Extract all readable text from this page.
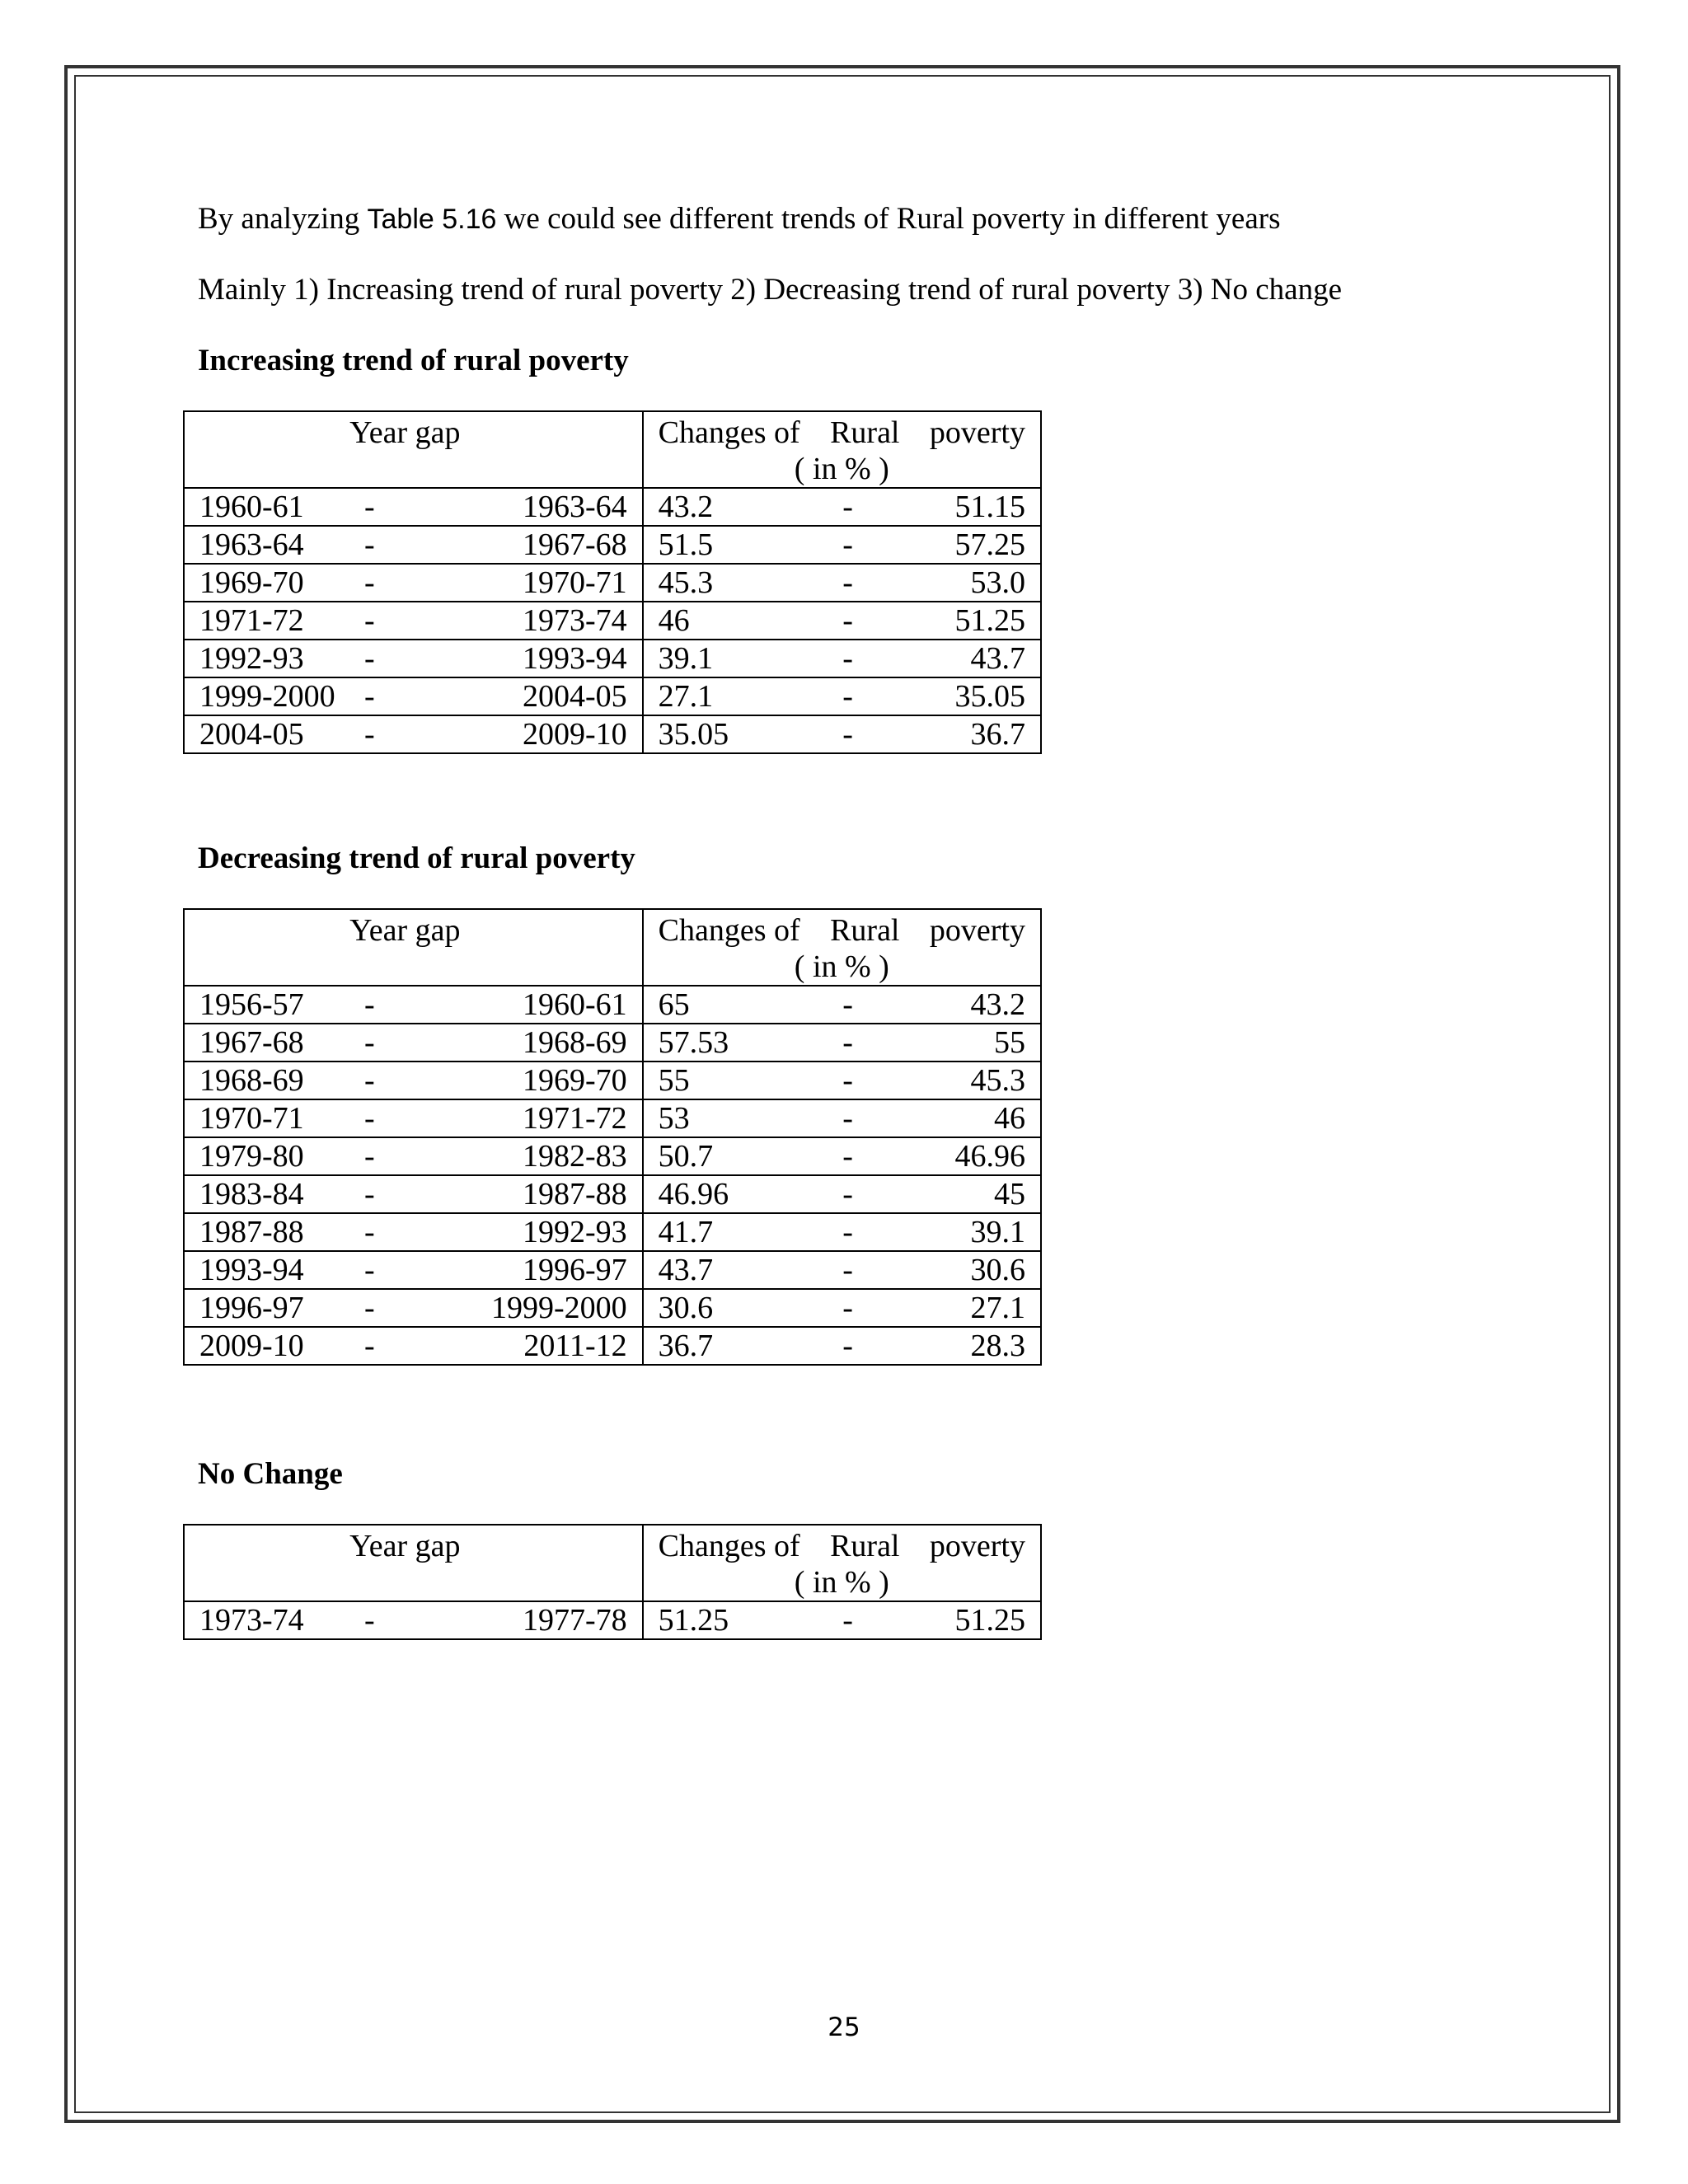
By analyzing Table 5.16 we could see different trends of Rural poverty in different years
Mainly 1) Increasing trend of rural poverty 2) Decreasing trend of rural poverty 3) No change
Increasing trend of rural poverty
Year gap	Changes of Rural poverty
( in % )

1960-61 - 1963-64	43.2 - 51.15

1963-64 - 1967-68	51.5 - 57.25

1969-70 - 1970-71	45.3 - 53.0

1971-72 - 1973-74	46 - 51.25

1992-93 - 1993-94	39.1 - 43.7

1999-2000 - 2004-05	27.1 - 35.05

2004-05 - 2009-10	35.05 - 36.7
Decreasing trend of rural poverty
Year gap	Changes of Rural poverty
( in % )

1956-57 - 1960-61	65 - 43.2

1967-68 - 1968-69	57.53 - 55

1968-69 - 1969-70	55 - 45.3

1970-71 - 1971-72	53 - 46

1979-80 - 1982-83	50.7 - 46.96

1983-84 - 1987-88	46.96 - 45

1987-88 - 1992-93	41.7 - 39.1

1993-94 - 1996-97	43.7 - 30.6

1996-97 - 1999-2000	30.6 - 27.1

2009-10 - 2011-12	36.7 - 28.3
No Change
Year gap	Changes of Rural poverty
( in % )

1973-74 - 1977-78	51.25 - 51.25
25
